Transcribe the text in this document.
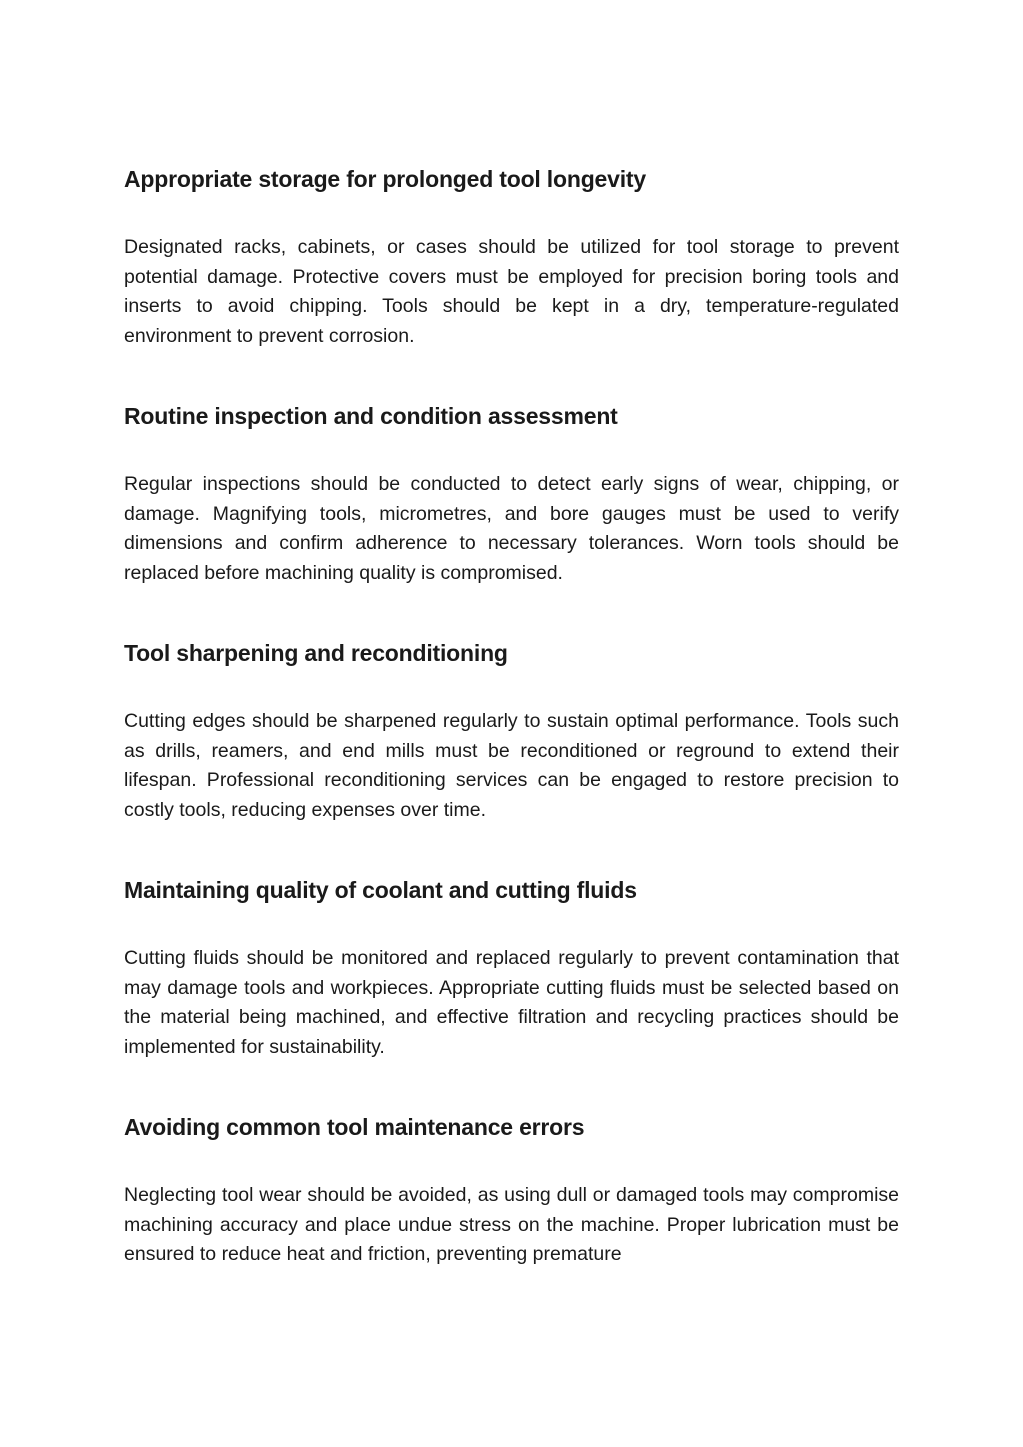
Appropriate storage for prolonged tool longevity

Designated racks, cabinets, or cases should be utilized for tool storage to prevent potential damage. Protective covers must be employed for precision boring tools and inserts to avoid chipping. Tools should be kept in a dry, temperature-regulated environment to prevent corrosion.

Routine inspection and condition assessment

Regular inspections should be conducted to detect early signs of wear, chipping, or damage. Magnifying tools, micrometres, and bore gauges must be used to verify dimensions and confirm adherence to necessary tolerances. Worn tools should be replaced before machining quality is compromised.

Tool sharpening and reconditioning

Cutting edges should be sharpened regularly to sustain optimal performance. Tools such as drills, reamers, and end mills must be reconditioned or reground to extend their lifespan. Professional reconditioning services can be engaged to restore precision to costly tools, reducing expenses over time.

Maintaining quality of coolant and cutting fluids

Cutting fluids should be monitored and replaced regularly to prevent contamination that may damage tools and workpieces. Appropriate cutting fluids must be selected based on the material being machined, and effective filtration and recycling practices should be implemented for sustainability.

Avoiding common tool maintenance errors

Neglecting tool wear should be avoided, as using dull or damaged tools may compromise machining accuracy and place undue stress on the machine. Proper lubrication must be ensured to reduce heat and friction, preventing premature
